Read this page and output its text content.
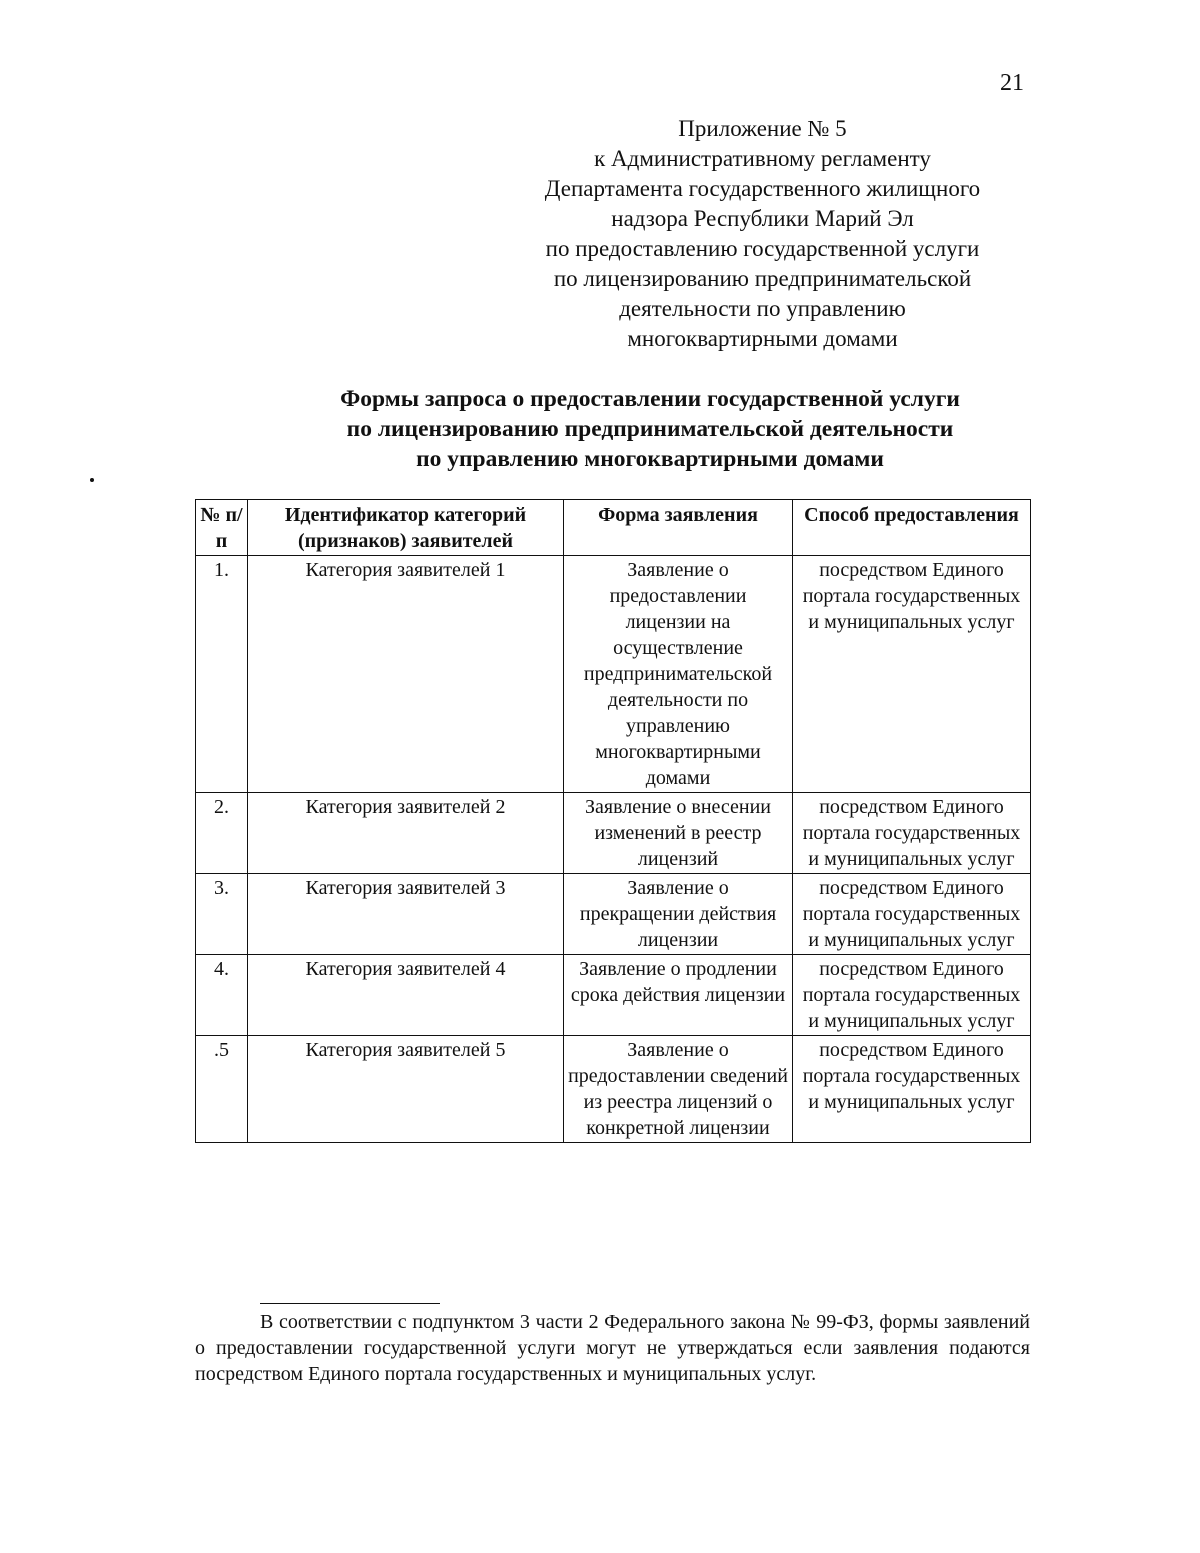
21
Приложение № 5
к Административному регламенту
Департамента государственного жилищного
надзора Республики Марий Эл
по предоставлению государственной услуги
по лицензированию предпринимательской
деятельности по управлению
многоквартирными домами
Формы запроса о предоставлении государственной услуги
по лицензированию предпринимательской деятельности
по управлению многоквартирными домами
№ п/п	Идентификатор категорий (признаков) заявителей	Форма заявления	Способ предоставления
1.	Категория заявителей 1	Заявление о предоставлении лицензии на осуществление предпринимательской деятельности по управлению многоквартирными домами	посредством Единого портала государственных и муниципальных услуг
2.	Категория заявителей 2	Заявление о внесении изменений в реестр лицензий	посредством Единого портала государственных и муниципальных услуг
3.	Категория заявителей 3	Заявление о прекращении действия лицензии	посредством Единого портала государственных и муниципальных услуг
4.	Категория заявителей 4	Заявление о продлении срока действия лицензии	посредством Единого портала государственных и муниципальных услуг
.5	Категория заявителей 5	Заявление о предоставлении сведений из реестра лицензий о конкретной лицензии	посредством Единого портала государственных и муниципальных услуг
В соответствии с подпунктом 3 части 2 Федерального закона № 99-ФЗ, формы заявлений о предоставлении государственной услуги могут не утверждаться если заявления подаются посредством Единого портала государственных и муниципальных услуг.
